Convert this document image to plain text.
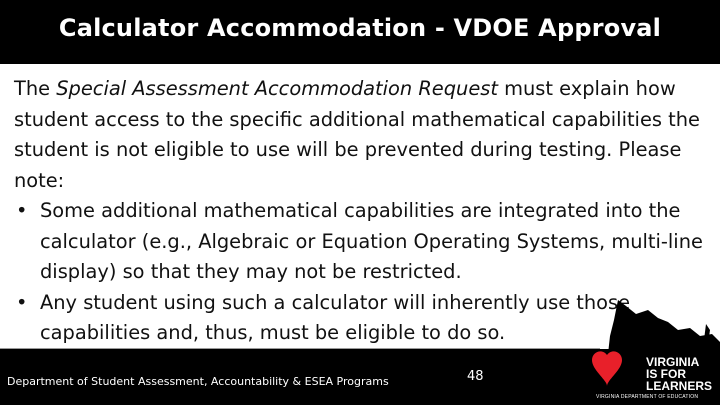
Calculator Accommodation - VDOE Approval

The Special Assessment Accommodation Request must explain how student access to the specific additional mathematical capabilities the student is not eligible to use will be prevented during testing. Please note:

• Some additional mathematical capabilities are integrated into the calculator (e.g., Algebraic or Equation Operating Systems, multi-line display) so that they may not be restricted.
• Any student using such a calculator will inherently use those capabilities and, thus, must be eligible to do so.
Department of Student Assessment, Accountability & ESEA Programs	48
VIRGINIA
IS FOR
LEARNERS
VIRGINIA DEPARTMENT OF EDUCATION
